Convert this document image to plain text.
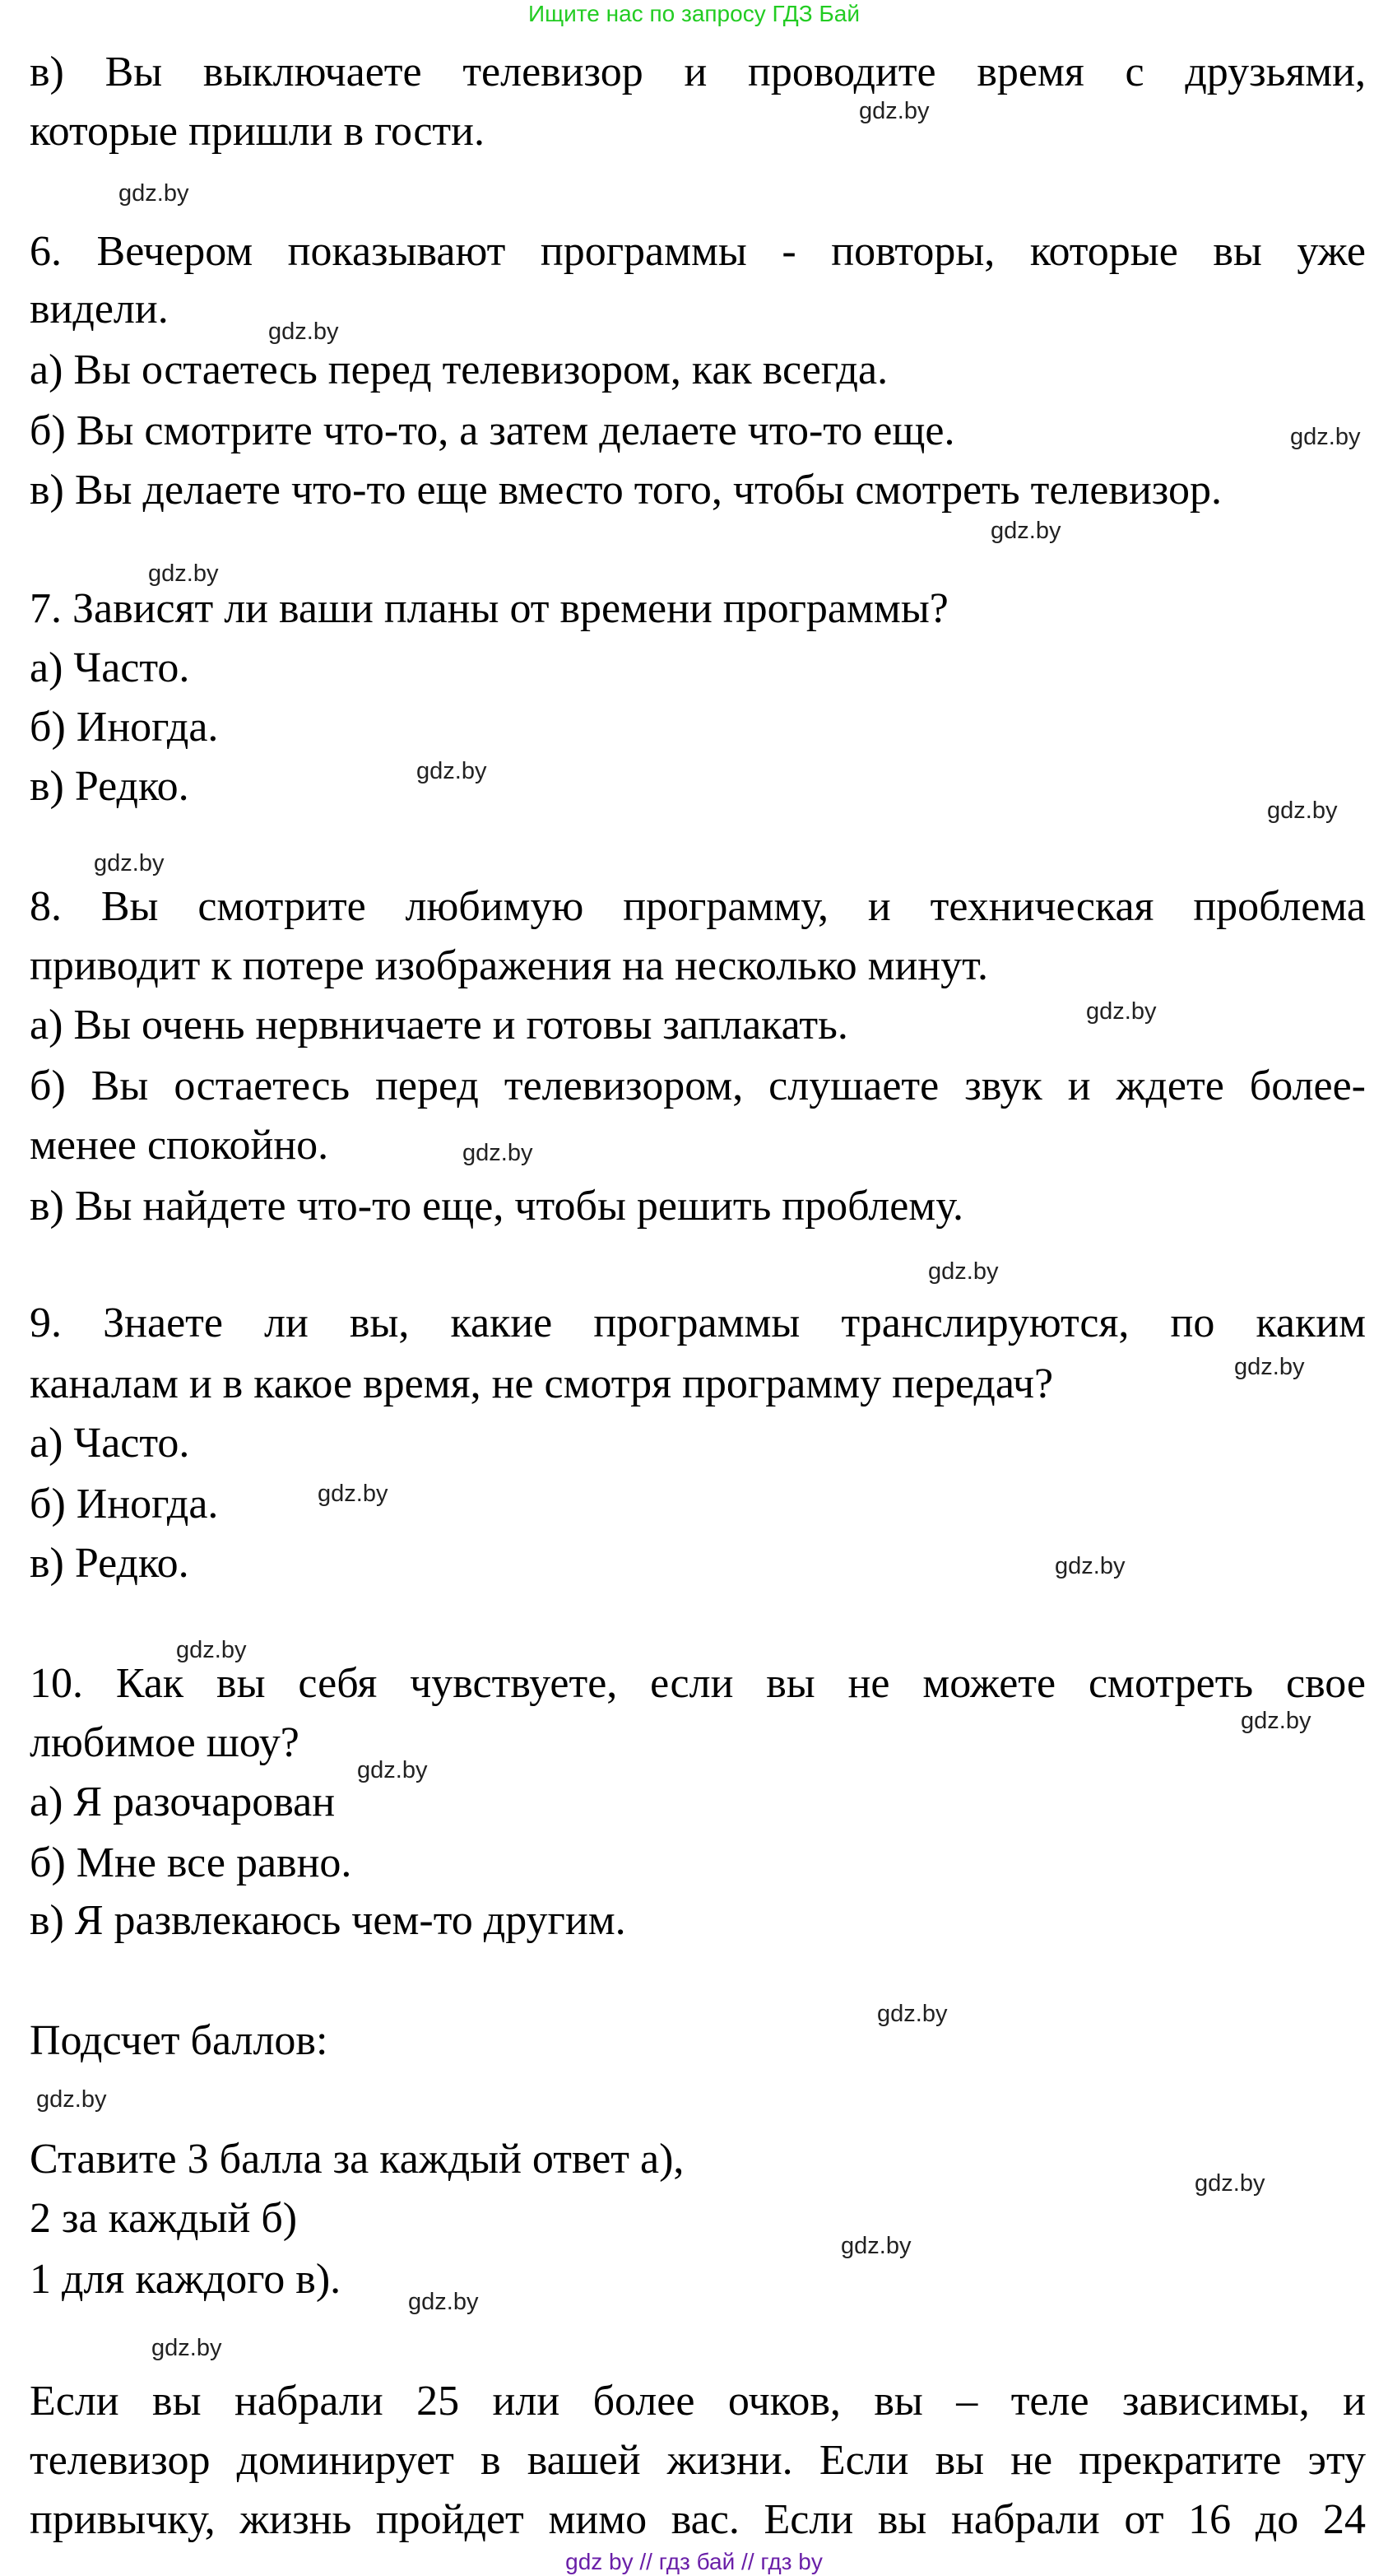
Ищите нас по запросу ГДЗ Бай
в) Вы выключаете телевизор и проводите время с друзьями,
которые пришли в гости.
6. Вечером показывают программы - повторы, которые вы уже
видели.
а) Вы остаетесь перед телевизором, как всегда.
б) Вы смотрите что-то, а затем делаете что-то еще.
в) Вы делаете что-то еще вместо того, чтобы смотреть телевизор.
7. Зависят ли ваши планы от времени программы?
а) Часто.
б) Иногда.
в) Редко.
8. Вы смотрите любимую программу, и техническая проблема
приводит к потере изображения на несколько минут.
а) Вы очень нервничаете и готовы заплакать.
б) Вы остаетесь перед телевизором, слушаете звук и ждете более-
менее спокойно.
в) Вы найдете что-то еще, чтобы решить проблему.
9. Знаете ли вы, какие программы транслируются, по каким
каналам и в какое время, не смотря программу передач?
а) Часто.
б) Иногда.
в) Редко.
10. Как вы себя чувствуете, если вы не можете смотреть свое
любимое шоу?
а) Я разочарован
б) Мне все равно.
в) Я развлекаюсь чем-то другим.
Подсчет баллов:
Ставите 3 балла за каждый ответ а),
2 за каждый б)
1 для каждого в).
Если вы набрали 25 или более очков, вы – теле зависимы, и
телевизор доминирует в вашей жизни. Если вы не прекратите эту
привычку, жизнь пройдет мимо вас. Если вы набрали от 16 до 24
gdz.by
gdz.by
gdz.by
gdz.by
gdz.by
gdz.by
gdz.by
gdz.by
gdz.by
gdz.by
gdz.by
gdz.by
gdz.by
gdz.by
gdz.by
gdz.by
gdz.by
gdz.by
gdz.by
gdz.by
gdz.by
gdz.by
gdz.by
gdz.by
gdz by // гдз бай // гдз by
